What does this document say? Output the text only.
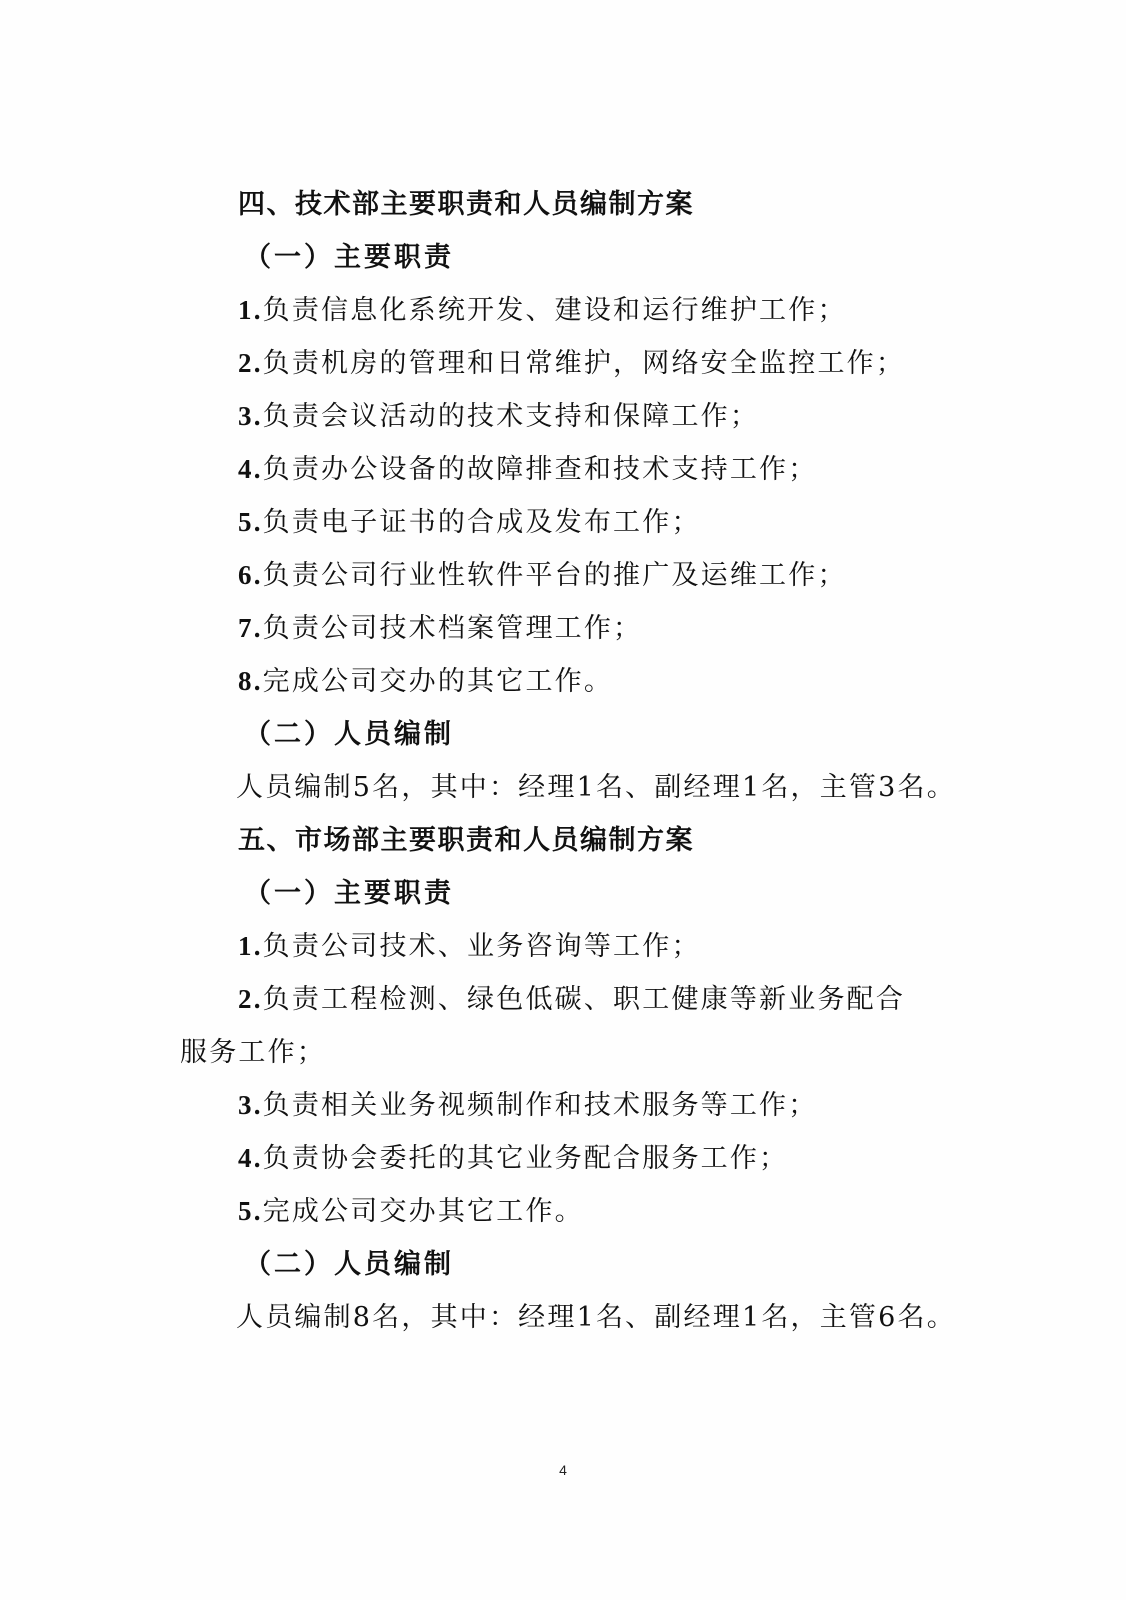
四、技术部主要职责和人员编制方案
（一）主要职责
1.负责信息化系统开发、建设和运行维护工作；
2.负责机房的管理和日常维护，网络安全监控工作；
3.负责会议活动的技术支持和保障工作；
4.负责办公设备的故障排查和技术支持工作；
5.负责电子证书的合成及发布工作；
6.负责公司行业性软件平台的推广及运维工作；
7.负责公司技术档案管理工作；
8.完成公司交办的其它工作。
（二）人员编制
人员编制5名，其中：经理1名、副经理1名，主管3名。
五、市场部主要职责和人员编制方案
（一）主要职责
1.负责公司技术、业务咨询等工作；
2.负责工程检测、绿色低碳、职工健康等新业务配合
服务工作；
3.负责相关业务视频制作和技术服务等工作；
4.负责协会委托的其它业务配合服务工作；
5.完成公司交办其它工作。
（二）人员编制
人员编制8名，其中：经理1名、副经理1名，主管6名。
4
